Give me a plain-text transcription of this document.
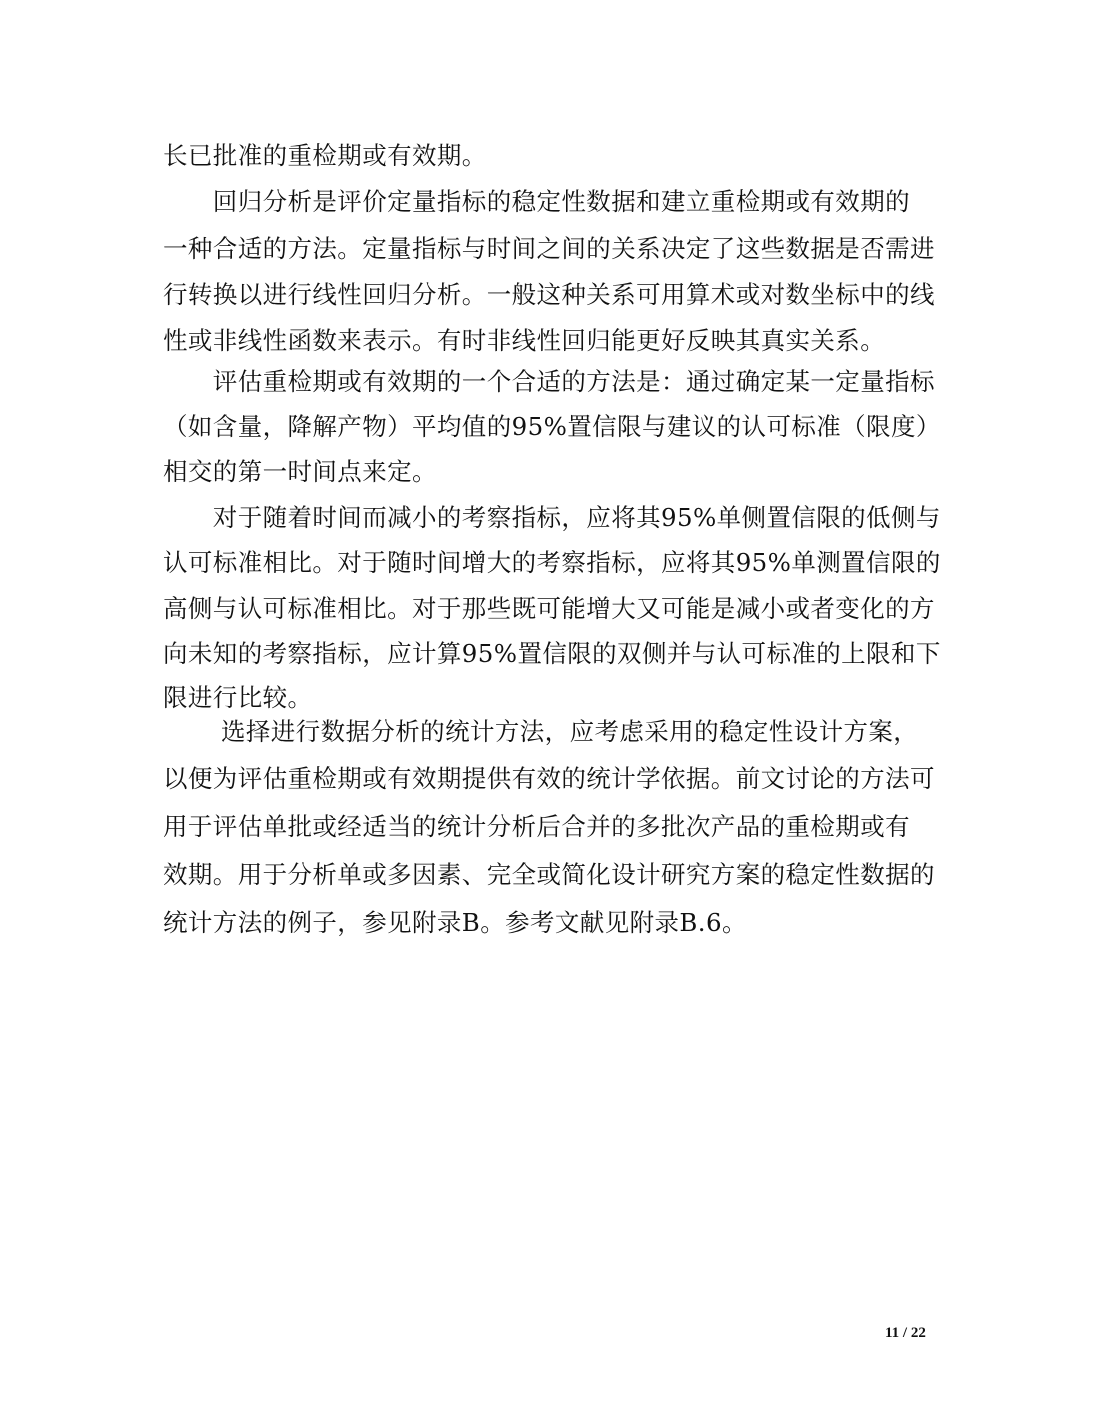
长已批准的重检期或有效期。
　　回归分析是评价定量指标的稳定性数据和建立重检期或有效期的
一种合适的方法。定量指标与时间之间的关系决定了这些数据是否需进
行转换以进行线性回归分析。一般这种关系可用算术或对数坐标中的线
性或非线性函数来表示。有时非线性回归能更好反映其真实关系。
　　评估重检期或有效期的一个合适的方法是：通过确定某一定量指标
（如含量，降解产物）平均值的95%置信限与建议的认可标准（限度）
相交的第一时间点来定。
　　对于随着时间而减小的考察指标，应将其95%单侧置信限的低侧与
认可标准相比。对于随时间增大的考察指标，应将其95%单测置信限的
高侧与认可标准相比。对于那些既可能增大又可能是减小或者变化的方
向未知的考察指标，应计算95%置信限的双侧并与认可标准的上限和下
限进行比较。
　　 选择进行数据分析的统计方法，应考虑采用的稳定性设计方案，
以便为评估重检期或有效期提供有效的统计学依据。前文讨论的方法可
用于评估单批或经适当的统计分析后合并的多批次产品的重检期或有
效期。用于分析单或多因素、完全或简化设计研究方案的稳定性数据的
统计方法的例子，参见附录B。参考文献见附录B.6。
11 / 22
